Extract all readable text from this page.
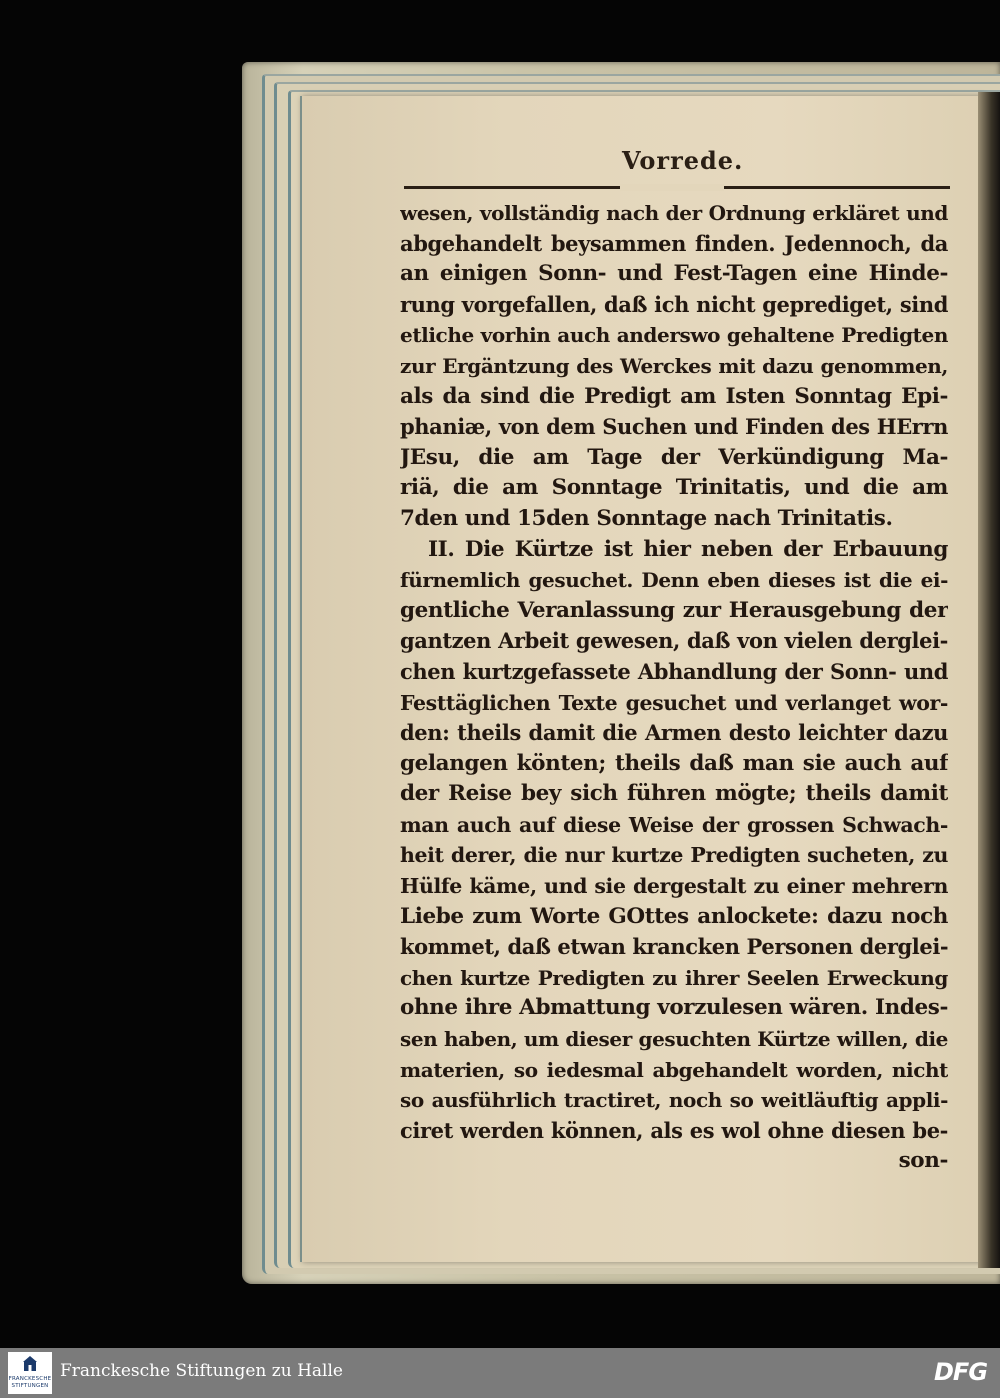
Vorrede.
wesen, vollständig nach der Ordnung erkläret und
abgehandelt beysammen finden. Jedennoch, da
an einigen Sonn- und Fest-Tagen eine Hinde-
rung vorgefallen, daß ich nicht geprediget, sind
etliche vorhin auch anderswo gehaltene Predigten
zur Ergäntzung des Werckes mit dazu genommen,
als da sind die Predigt am Isten Sonntag Epi-
phaniæ, von dem Suchen und Finden des HErrn
JEsu, die am Tage der Verkündigung Ma-
riä, die am Sonntage Trinitatis, und die am
7den und 15den Sonntage nach Trinitatis.
II. Die Kürtze ist hier neben der Erbauung
fürnemlich gesuchet. Denn eben dieses ist die ei-
gentliche Veranlassung zur Herausgebung der
gantzen Arbeit gewesen, daß von vielen derglei-
chen kurtzgefassete Abhandlung der Sonn- und
Festtäglichen Texte gesuchet und verlanget wor-
den: theils damit die Armen desto leichter dazu
gelangen könten; theils daß man sie auch auf
der Reise bey sich führen mögte; theils damit
man auch auf diese Weise der grossen Schwach-
heit derer, die nur kurtze Predigten sucheten, zu
Hülfe käme, und sie dergestalt zu einer mehrern
Liebe zum Worte GOttes anlockete: dazu noch
kommet, daß etwan krancken Personen derglei-
chen kurtze Predigten zu ihrer Seelen Erweckung
ohne ihre Abmattung vorzulesen wären. Indes-
sen haben, um dieser gesuchten Kürtze willen, die
materien, so iedesmal abgehandelt worden, nicht
so ausführlich tractiret, noch so weitläuftig appli-
ciret werden können, als es wol ohne diesen be-
son-
FRANCKESCHE
STIFTUNGEN
Franckesche Stiftungen zu Halle	DFG
